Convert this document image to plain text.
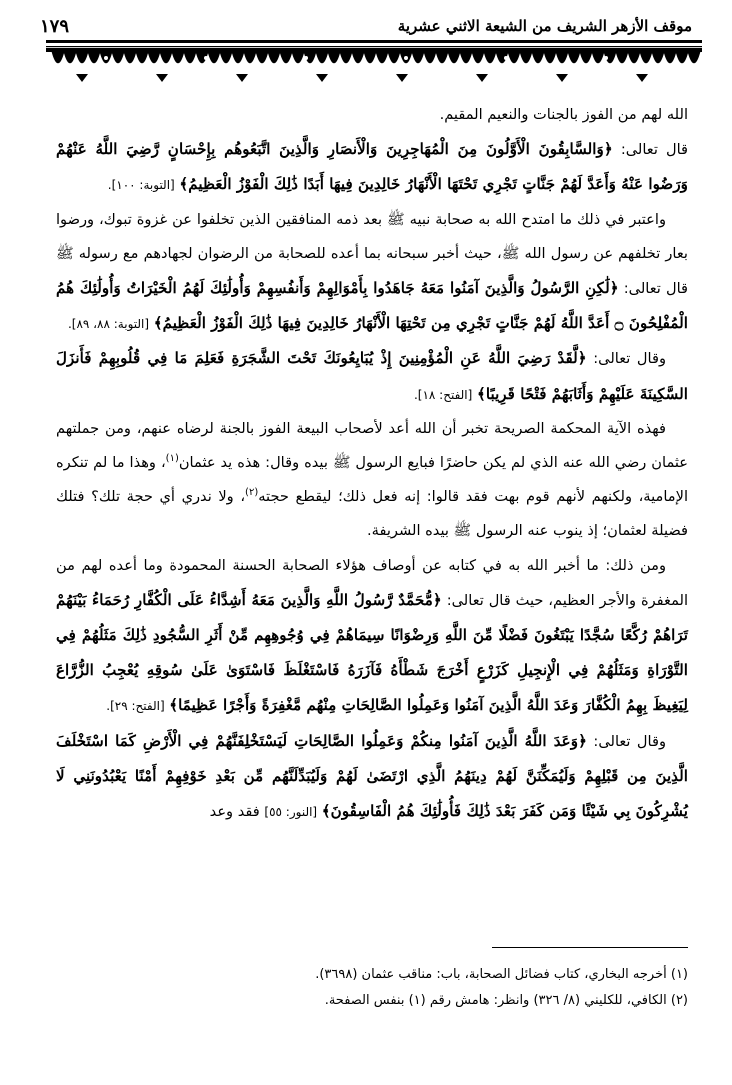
موقف الأزهر الشريف من الشيعة الاثني عشرية
١٧٩

الله لهم من الفوز بالجنات والنعيم المقيم.

قال تعالى: ﴿وَالسَّابِقُونَ الْأَوَّلُونَ مِنَ الْمُهَاجِرِينَ وَالْأَنصَارِ وَالَّذِينَ اتَّبَعُوهُم بِإِحْسَانٍ رَّضِيَ اللَّهُ عَنْهُمْ وَرَضُوا عَنْهُ وَأَعَدَّ لَهُمْ جَنَّاتٍ تَجْرِي تَحْتَهَا الْأَنْهَارُ خَالِدِينَ فِيهَا أَبَدًا ذَٰلِكَ الْفَوْزُ الْعَظِيمُ﴾ [التوبة: ١٠٠].

واعتبر في ذلك ما امتدح الله به صحابة نبيه ﷺ بعد ذمه المنافقين الذين تخلفوا عن غزوة تبوك، ورضوا بعار تخلفهم عن رسول الله ﷺ، حيث أخبر سبحانه بما أعده للصحابة من الرضوان لجهادهم مع رسوله ﷺ قال تعالى: ﴿لَٰكِنِ الرَّسُولُ وَالَّذِينَ آمَنُوا مَعَهُ جَاهَدُوا بِأَمْوَالِهِمْ وَأَنفُسِهِمْ وَأُولَٰئِكَ لَهُمُ الْخَيْرَاتُ وَأُولَٰئِكَ هُمُ الْمُفْلِحُونَ ۝ أَعَدَّ اللَّهُ لَهُمْ جَنَّاتٍ تَجْرِي مِن تَحْتِهَا الْأَنْهَارُ خَالِدِينَ فِيهَا ذَٰلِكَ الْفَوْزُ الْعَظِيمُ﴾ [التوبة: ٨٨، ٨٩].

وقال تعالى: ﴿لَّقَدْ رَضِيَ اللَّهُ عَنِ الْمُؤْمِنِينَ إِذْ يُبَايِعُونَكَ تَحْتَ الشَّجَرَةِ فَعَلِمَ مَا فِي قُلُوبِهِمْ فَأَنزَلَ السَّكِينَةَ عَلَيْهِمْ وَأَثَابَهُمْ فَتْحًا قَرِيبًا﴾ [الفتح: ١٨].

فهذه الآية المحكمة الصريحة تخبر أن الله أعد لأصحاب البيعة الفوز بالجنة لرضاه عنهم، ومن جملتهم عثمان رضي الله عنه الذي لم يكن حاضرًا فبايع الرسول ﷺ بيده وقال: هذه يد عثمان$^{(١)}$، وهذا ما لم تنكره الإمامية، ولكنهم لأنهم قوم بهت فقد قالوا: إنه فعل ذلك؛ ليقطع حجته$^{(٢)}$، ولا ندري أي حجة تلك؟ فتلك فضيلة لعثمان؛ إذ ينوب عنه الرسول ﷺ بيده الشريفة.

ومن ذلك: ما أخبر الله به في كتابه عن أوصاف هؤلاء الصحابة الحسنة المحمودة وما أعده لهم من المغفرة والأجر العظيم، حيث قال تعالى: ﴿مُّحَمَّدٌ رَّسُولُ اللَّهِ وَالَّذِينَ مَعَهُ أَشِدَّاءُ عَلَى الْكُفَّارِ رُحَمَاءُ بَيْنَهُمْ تَرَاهُمْ رُكَّعًا سُجَّدًا يَبْتَغُونَ فَضْلًا مِّنَ اللَّهِ وَرِضْوَانًا سِيمَاهُمْ فِي وُجُوهِهِم مِّنْ أَثَرِ السُّجُودِ ذَٰلِكَ مَثَلُهُمْ فِي التَّوْرَاةِ وَمَثَلُهُمْ فِي الْإِنجِيلِ كَزَرْعٍ أَخْرَجَ شَطْأَهُ فَآزَرَهُ فَاسْتَغْلَظَ فَاسْتَوَىٰ عَلَىٰ سُوقِهِ يُعْجِبُ الزُّرَّاعَ لِيَغِيظَ بِهِمُ الْكُفَّارَ وَعَدَ اللَّهُ الَّذِينَ آمَنُوا وَعَمِلُوا الصَّالِحَاتِ مِنْهُم مَّغْفِرَةً وَأَجْرًا عَظِيمًا﴾ [الفتح: ٢٩].

وقال تعالى: ﴿وَعَدَ اللَّهُ الَّذِينَ آمَنُوا مِنكُمْ وَعَمِلُوا الصَّالِحَاتِ لَيَسْتَخْلِفَنَّهُمْ فِي الْأَرْضِ كَمَا اسْتَخْلَفَ الَّذِينَ مِن قَبْلِهِمْ وَلَيُمَكِّنَنَّ لَهُمْ دِينَهُمُ الَّذِي ارْتَضَىٰ لَهُمْ وَلَيُبَدِّلَنَّهُم مِّن بَعْدِ خَوْفِهِمْ أَمْنًا يَعْبُدُونَنِي لَا يُشْرِكُونَ بِي شَيْئًا وَمَن كَفَرَ بَعْدَ ذَٰلِكَ فَأُولَٰئِكَ هُمُ الْفَاسِقُونَ﴾ [النور: ٥٥] فقد وعد

(١) أخرجه البخاري، كتاب فضائل الصحابة، باب: مناقب عثمان (٣٦٩٨).

(٢) الكافي، للكليني (٨/ ٣٢٦) وانظر: هامش رقم (١) بنفس الصفحة.
